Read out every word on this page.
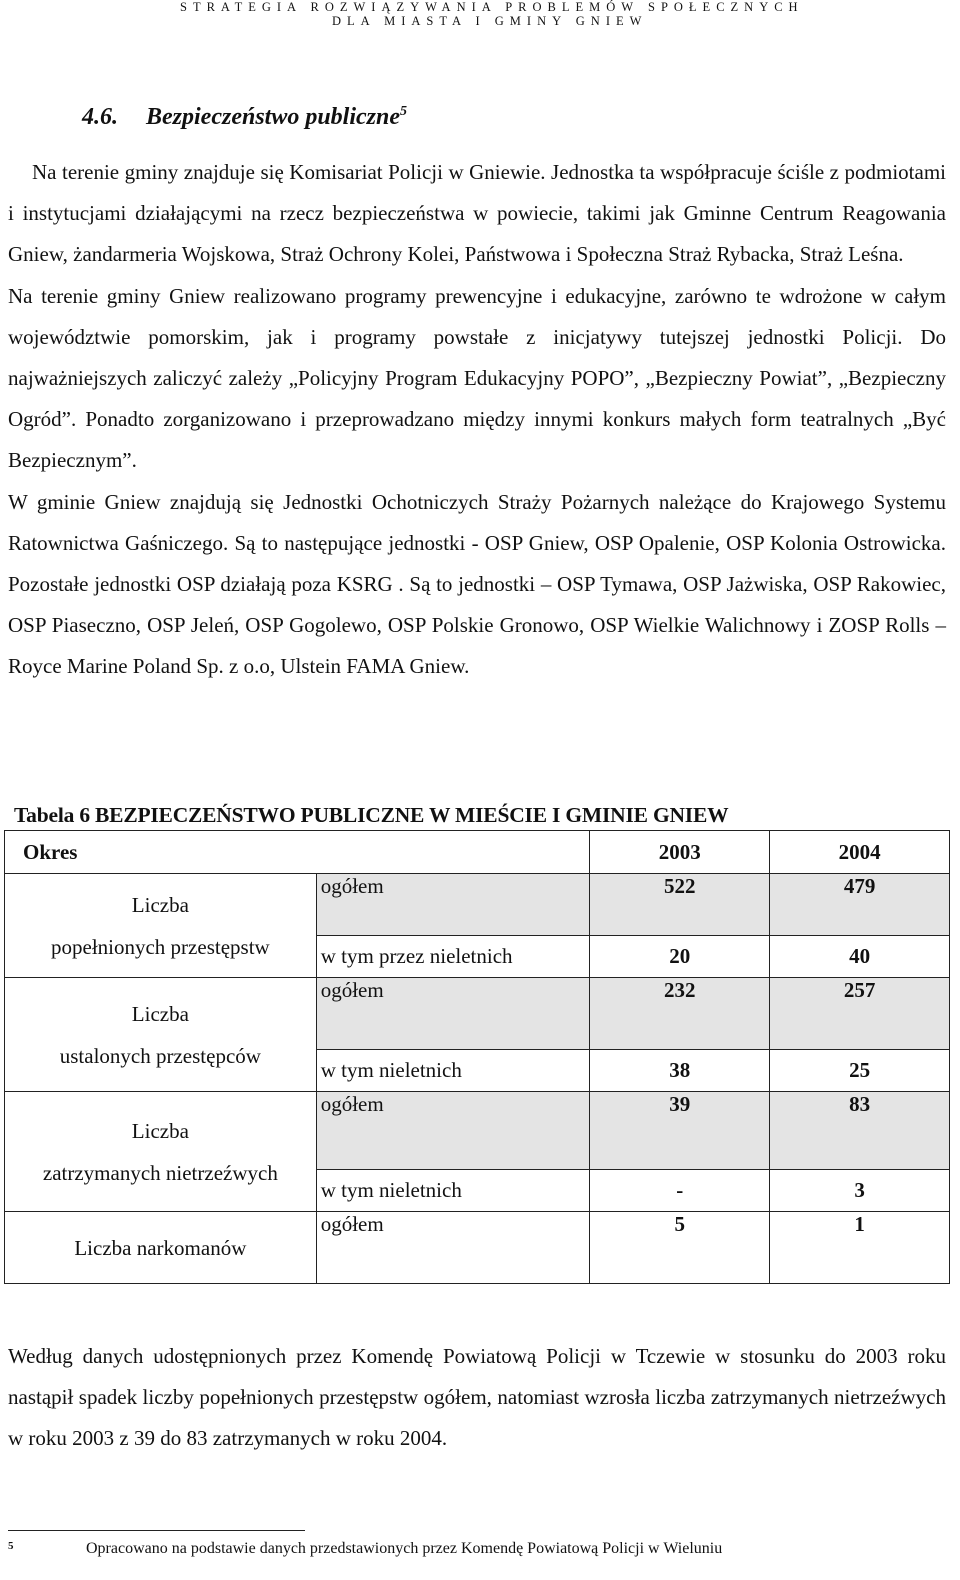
STRATEGIA ROZWIĄZYWANIA PROBLEMÓW SPOŁECZNYCH
DLA MIASTA I GMINY GNIEW
4.6. Bezpieczeństwo publiczne$^5$

Na terenie gminy znajduje się Komisariat Policji w Gniewie. Jednostka ta współpracuje ściśle z podmiotami i instytucjami działającymi na rzecz bezpieczeństwa w powiecie, takimi jak Gminne Centrum Reagowania Gniew, żandarmeria Wojskowa, Straż Ochrony Kolei, Państwowa i Społeczna Straż Rybacka, Straż Leśna.

Na terenie gminy Gniew realizowano programy prewencyjne i edukacyjne, zarówno te wdrożone w całym województwie pomorskim, jak i programy powstałe z inicjatywy tutejszej jednostki Policji. Do najważniejszych zaliczyć zależy „Policyjny Program Edukacyjny POPO”, „Bezpieczny Powiat”, „Bezpieczny Ogród”. Ponadto zorganizowano i przeprowadzano między innymi konkurs małych form teatralnych „Być Bezpiecznym”.

W gminie Gniew znajdują się Jednostki Ochotniczych Straży Pożarnych należące do Krajowego Systemu Ratownictwa Gaśniczego. Są to następujące jednostki - OSP Gniew, OSP Opalenie, OSP Kolonia Ostrowicka. Pozostałe jednostki OSP działają poza KSRG . Są to jednostki – OSP Tymawa, OSP Jażwiska, OSP Rakowiec, OSP Piaseczno, OSP Jeleń, OSP Gogolewo, OSP Polskie Gronowo, OSP Wielkie Walichnowy i ZOSP Rolls – Royce Marine Poland Sp. z o.o, Ulstein FAMA Gniew.

Tabela 6 BEZPIECZEŃSTWO PUBLICZNE W MIEŚCIE I GMINIE GNIEW
Okres		2003	2004

Liczba
popełnionych przestępstw	ogółem	522	479
	w tym przez nieletnich	20	40

Liczba
ustalonych przestępców	ogółem	232	257
	w tym nieletnich	38	25

Liczba
zatrzymanych nietrzeźwych	ogółem	39	83
	w tym nieletnich	-	3

Liczba narkomanów	ogółem	5	1

Według danych udostępnionych przez Komendę Powiatową Policji w Tczewie w stosunku do 2003 roku nastąpił spadek liczby popełnionych przestępstw ogółem, natomiast wzrosła liczba zatrzymanych nietrzeźwych w roku 2003 z 39 do 83 zatrzymanych w roku 2004.

5	Opracowano na podstawie danych przedstawionych przez Komendę Powiatową Policji w Wieluniu
